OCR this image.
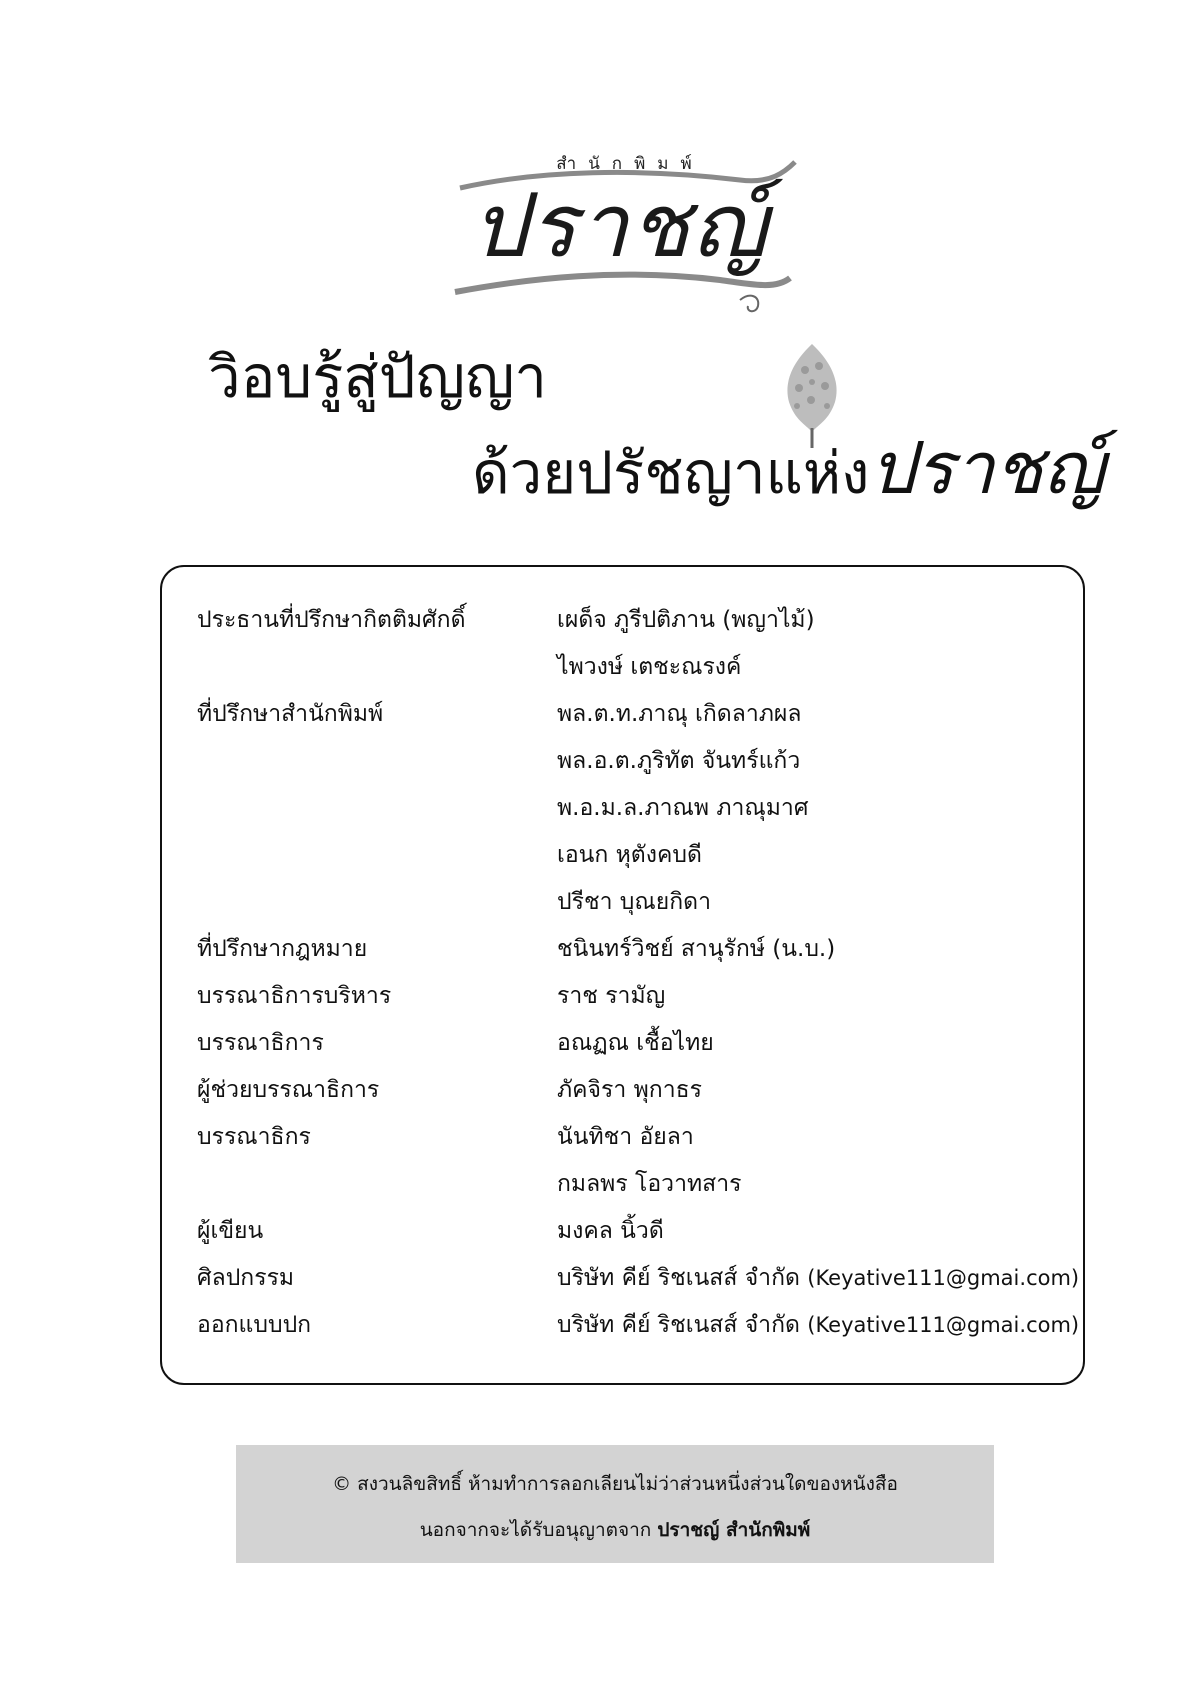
สำนักพิมพ์
ปราชญ์
วิอบรู้สู่ปัญญา
ด้วยปรัชญาแห่งปราชญ์
ประธานที่ปรึกษากิตติมศักดิ์	เผด็จ ภูรีปติภาน (พญาไม้)
ไพวงษ์ เตชะณรงค์
ที่ปรึกษาสำนักพิมพ์	พล.ต.ท.ภาณุ เกิดลาภผล
พล.อ.ต.ภูริทัต จันทร์แก้ว
พ.อ.ม.ล.ภาณพ ภาณุมาศ
เอนก หุตังคบดี
ปรีชา บุณยกิดา
ที่ปรึกษากฎหมาย	ชนินทร์วิชย์ สานุรักษ์ (น.บ.)
บรรณาธิการบริหาร	ราช รามัญ
บรรณาธิการ	อณฏณ เชื้อไทย
ผู้ช่วยบรรณาธิการ	ภัคจิรา พุกาธร
บรรณาธิกร	นันทิชา อัยลา
กมลพร โอวาทสาร
ผู้เขียน	มงคล นิ้วดี
ศิลปกรรม	บริษัท คีย์ ริชเนสส์ จำกัด (Keyative111@gmai.com)
ออกแบบปก	บริษัท คีย์ ริชเนสส์ จำกัด (Keyative111@gmai.com)
© สงวนลิขสิทธิ์ ห้ามทำการลอกเลียนไม่ว่าส่วนหนึ่งส่วนใดของหนังสือ
นอกจากจะได้รับอนุญาตจาก ปราชญ์ สำนักพิมพ์
